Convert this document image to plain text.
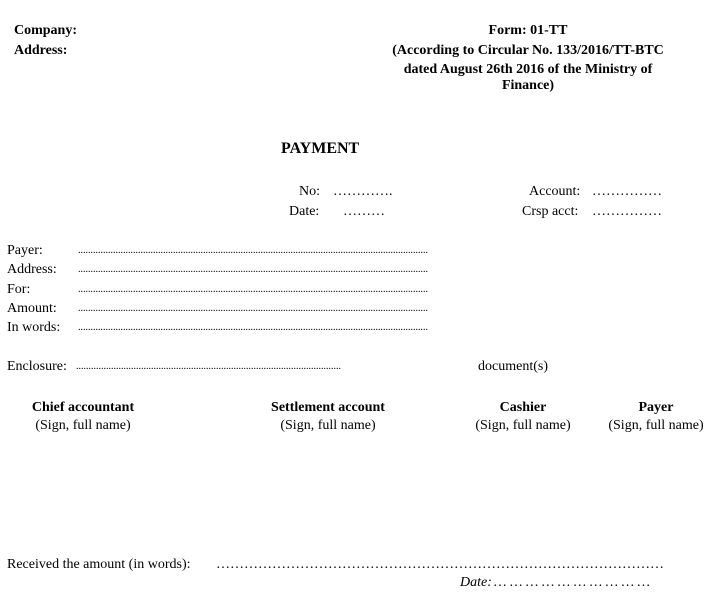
Company:
Address:
Form: 01-TT
(According to Circular No. 133/2016/TT-BTC
dated August 26th 2016 of the Ministry of
Finance)
PAYMENT
No: ………….
Date: ………
Account: ……………
Crsp acct: ……………
Payer:	............................................................................................................................................
Address: ............................................................................................................................................
For:	............................................................................................................................................
Amount: ............................................................................................................................................
In words: ............................................................................................................................................
Enclosure: ..........................................................................................................	document(s)
Chief accountant
(Sign, full name)
Settlement account
(Sign, full name)
Cashier
(Sign, full name)
Payer
(Sign, full name)
Received the amount (in words): ……………………………………………………………………………………
Date: … … … … … … … … … …
